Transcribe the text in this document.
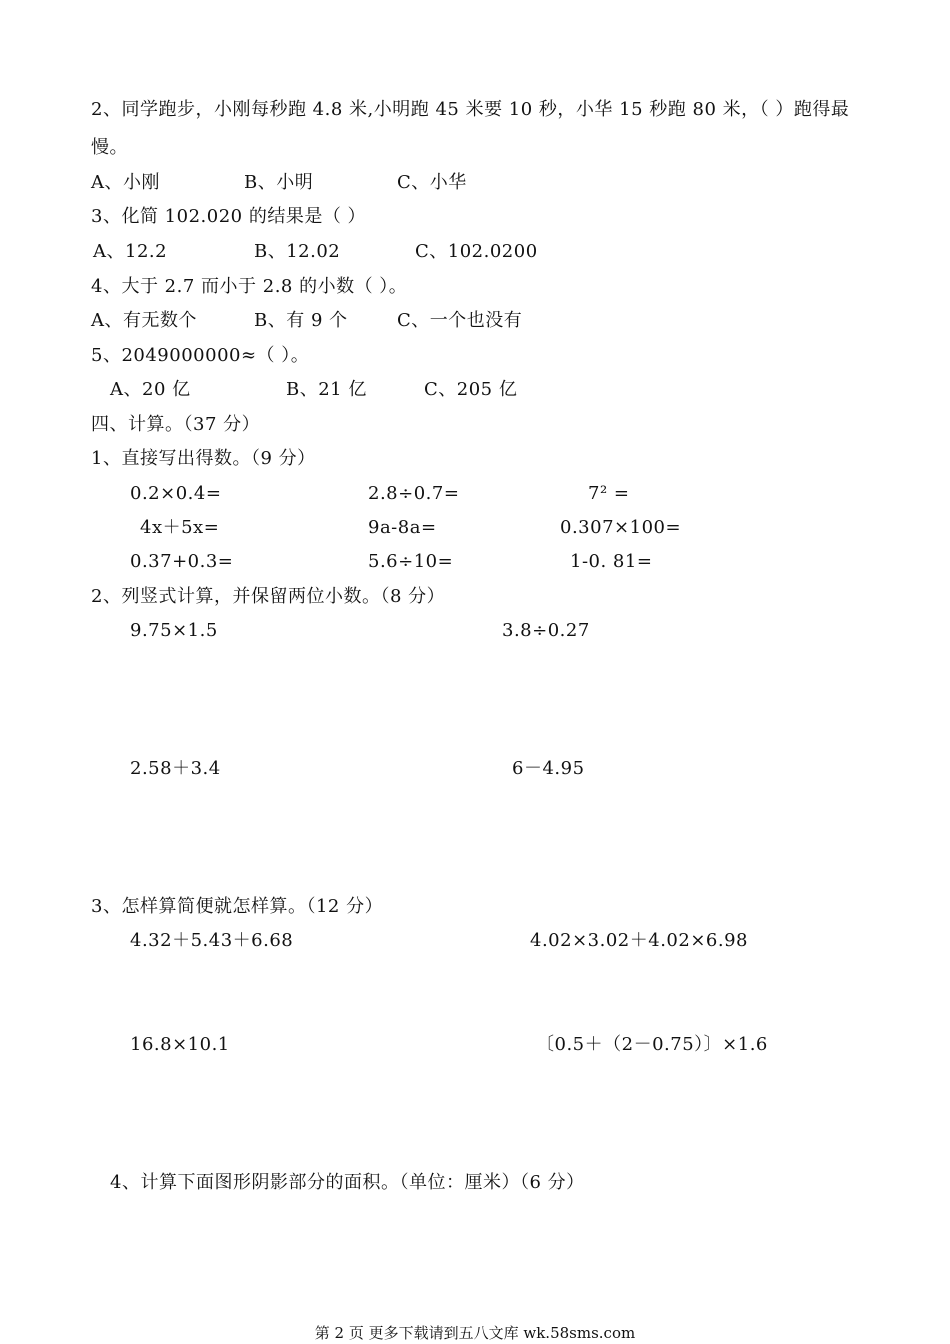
2、同学跑步，小刚每秒跑 4.8 米,小明跑 45 米要 10 秒，小华 15 秒跑 80 米，（ ）跑得最
慢。
A、小刚	B、小明	C、小华
3、化简 102.020 的结果是（ ）
A、12.2	B、12.02	C、102.0200
4、大于 2.7 而小于 2.8 的小数（ ）。
A、有无数个	B、有 9 个	C、一个也没有
5、2049000000≈（ ）。
A、20 亿	B、21 亿	C、205 亿
四、计算。（37 分）
1、直接写出得数。（9 分）
0.2×0.4=	2.8÷0.7=	7² =
4x＋5x=	9a-8a=	0.307×100=
0.37+0.3=	5.6÷10=	1-0. 81=
2、列竖式计算，并保留两位小数。（8 分）
9.75×1.5	3.8÷0.27
2.58＋3.4	6－4.95
3、怎样算简便就怎样算。（12 分）
4.32＋5.43＋6.68	4.02×3.02＋4.02×6.98
16.8×10.1	〔0.5＋（2－0.75）〕×1.6
4、计算下面图形阴影部分的面积。（单位：厘米）（6 分）
第 2 页 更多下载请到五八文库 wk.58sms.com
